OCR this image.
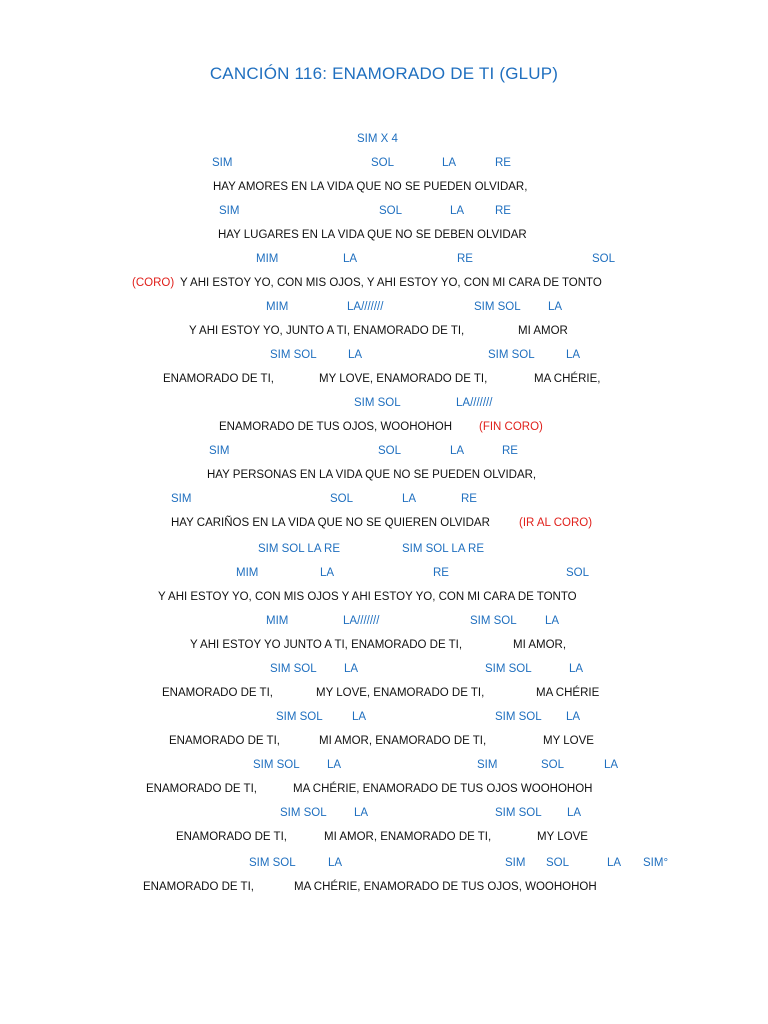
CANCIÓN 116: ENAMORADO DE TI (GLUP)
SIM X 4
SIM	SOL	LA	RE
HAY AMORES EN LA VIDA QUE NO SE PUEDEN OLVIDAR,
SIM	SOL	LA	RE
HAY LUGARES EN LA VIDA QUE NO SE DEBEN OLVIDAR
MIM	LA	RE	SOL
(CORO) Y AHI ESTOY YO, CON MIS OJOS, Y AHI ESTOY YO, CON MI CARA DE TONTO
MIM	LA///////	SIM SOL LA
Y AHI ESTOY YO, JUNTO A TI, ENAMORADO DE TI,	MI AMOR
SIM SOL	LA	SIM SOL	LA
ENAMORADO DE TI,	MY LOVE, ENAMORADO DE TI,	MA CHÉRIE,
SIM SOL	LA///////
ENAMORADO DE TUS OJOS, WOOHOHOH (FIN CORO)
SIM	SOL	LA	RE
HAY PERSONAS EN LA VIDA QUE NO SE PUEDEN OLVIDAR,
SIM	SOL	LA	RE
HAY CARIÑOS EN LA VIDA QUE NO SE QUIEREN OLVIDAR	(IR AL CORO)
SIM SOL LA RE	SIM SOL LA RE
MIM	LA	RE	SOL
Y AHI ESTOY YO, CON MIS OJOS Y AHI ESTOY YO, CON MI CARA DE TONTO
MIM	LA///////	SIM SOL LA
Y AHI ESTOY YO JUNTO A TI, ENAMORADO DE TI,	MI AMOR,
SIM SOL LA	SIM SOL	LA
ENAMORADO DE TI,	MY LOVE, ENAMORADO DE TI,	MA CHÉRIE
SIM SOL	LA	SIM SOL LA
ENAMORADO DE TI,	MI AMOR, ENAMORADO DE TI,	MY LOVE
SIM SOL LA	SIM	SOL	LA
ENAMORADO DE TI,	MA CHÉRIE, ENAMORADO DE TUS OJOS WOOHOHOH
SIM SOL LA	SIM SOL LA
ENAMORADO DE TI,	MI AMOR, ENAMORADO DE TI,	MY LOVE
SIM SOL	LA	SIM SOL	LA SIM°
ENAMORADO DE TI,	MA CHÉRIE, ENAMORADO DE TUS OJOS, WOOHOHOH
